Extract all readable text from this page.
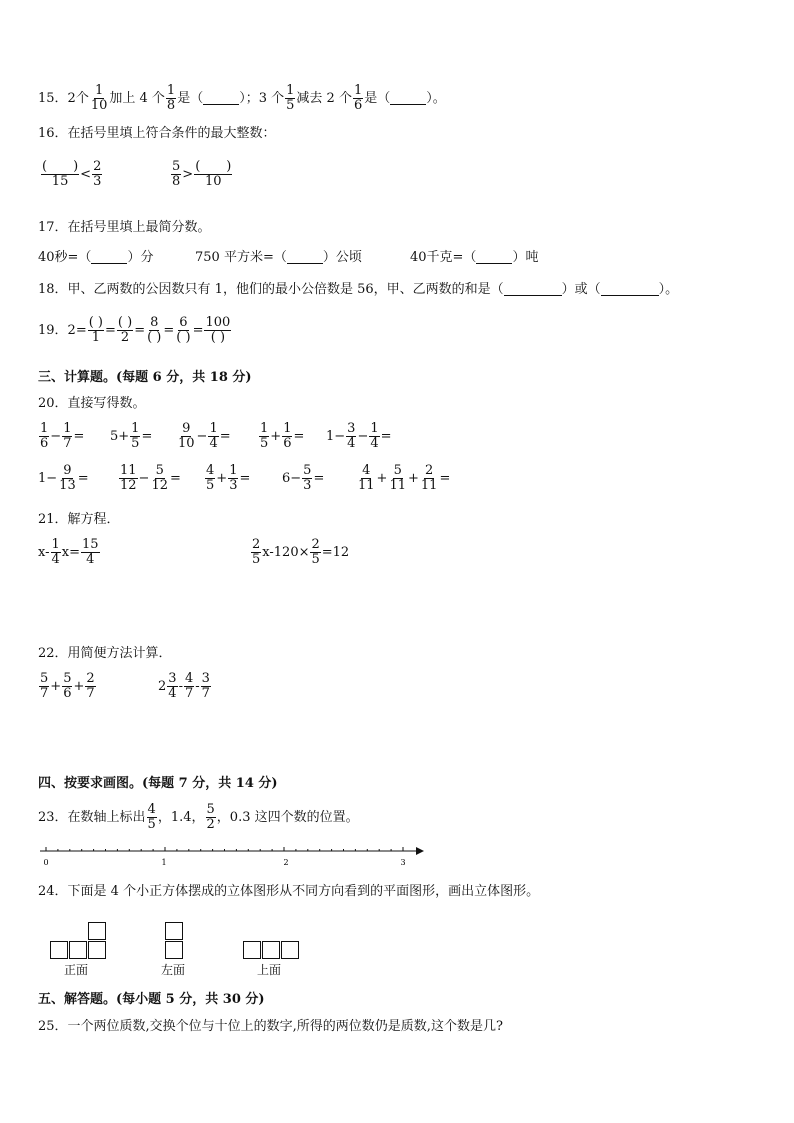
15． 2个 $\frac{1}{10}$ 加上 4 个 $\frac{1}{8}$ 是（	）；3 个 $\frac{1}{5}$ 减去 2 个 $\frac{1}{6}$ 是（	）。
16．在括号里填上符合条件的最大整数：
$\frac{( )}{15} < \frac{2}{3}$	$\frac{5}{8} > \frac{( )}{10}$
17．在括号里填上最简分数。
40秒=（	）分	750 平方米=（	）公顷	40千克=（	）吨
18．甲、乙两数的公因数只有 1，他们的最小公倍数是 56，甲、乙两数的和是（	）或（	）。
19． $2= \frac{( )}{1} = \frac{( )}{2} = \frac{8}{( )} = \frac{6}{( )} = \frac{100}{( )}$
三、计算题。(每题 6 分，共 18 分)
20．直接写得数。
$\frac{1}{6} - \frac{1}{7} = 5+ \frac{1}{5} = \frac{9}{10} - \frac{1}{4} = \frac{1}{5} + \frac{1}{6} = 1- \frac{3}{4} - \frac{1}{4}$ =
$1- \frac{9}{13} = \frac{11}{12} - \frac{5}{12} = \frac{4}{5} + \frac{1}{3} = 6- \frac{5}{3}$ =	$\frac{4}{11} + \frac{5}{11} + \frac{2}{11}$ =
21．解方程．
$x- \frac{1}{4} x= \frac{15}{4}$	$\frac{2}{5} x-120\times \frac{2}{5} =12$
22．用简便方法计算．
$\frac{5}{7} + \frac{5}{6} + \frac{2}{7}$	$2 \frac{3}{4} - \frac{4}{7} - \frac{3}{7}$
四、按要求画图。(每题 7 分，共 14 分)
23．在数轴上标出 $\frac{4}{5}$ ，1.4， $\frac{5}{2}$ ，0.3 这四个数的位置。
0	1	2	3
24．下面是 4 个小正方体摆成的立体图形从不同方向看到的平面图形，画出立体图形。
正面	左面	上面
五、解答题。(每小题 5 分，共 30 分)
25．一个两位质数,交换个位与十位上的数字,所得的两位数仍是质数,这个数是几?
